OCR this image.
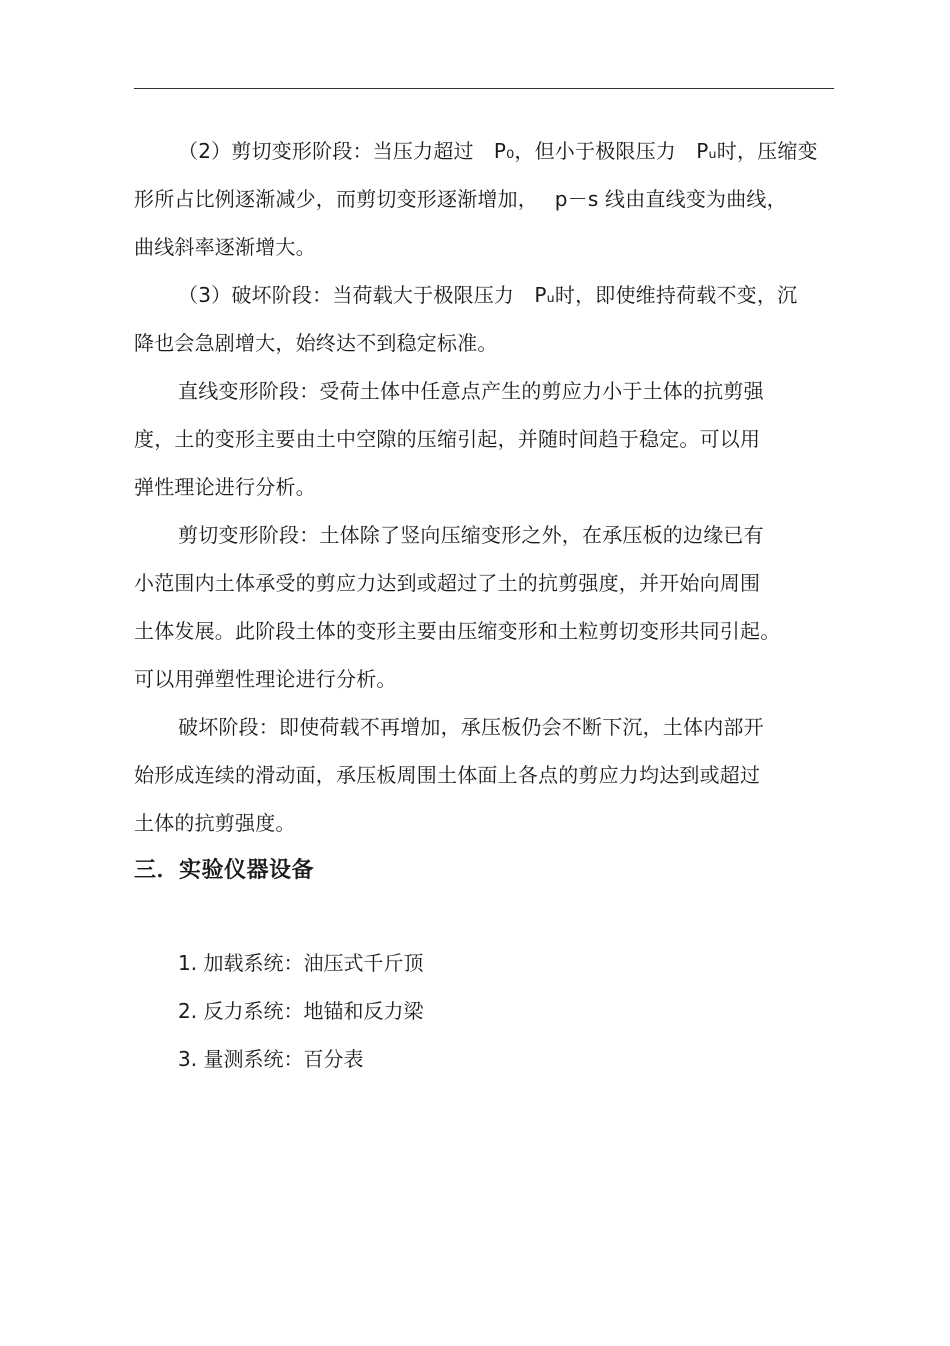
（2）剪切变形阶段：当压力超过　P₀，但小于极限压力　Pᵤ时，压缩变
形所占比例逐渐减少，而剪切变形逐渐增加，　 p－s 线由直线变为曲线，
曲线斜率逐渐增大。

（3）破坏阶段：当荷载大于极限压力　Pᵤ时，即使维持荷载不变，沉
降也会急剧增大，始终达不到稳定标准。

直线变形阶段：受荷土体中任意点产生的剪应力小于土体的抗剪强
度，土的变形主要由土中空隙的压缩引起，并随时间趋于稳定。可以用
弹性理论进行分析。

剪切变形阶段：土体除了竖向压缩变形之外，在承压板的边缘已有
小范围内土体承受的剪应力达到或超过了土的抗剪强度，并开始向周围
土体发展。此阶段土体的变形主要由压缩变形和土粒剪切变形共同引起。
可以用弹塑性理论进行分析。

破坏阶段：即使荷载不再增加，承压板仍会不断下沉，土体内部开
始形成连续的滑动面，承压板周围土体面上各点的剪应力均达到或超过
土体的抗剪强度。

三．实验仪器设备
1. 加载系统：油压式千斤顶
2. 反力系统：地锚和反力梁
3. 量测系统：百分表
